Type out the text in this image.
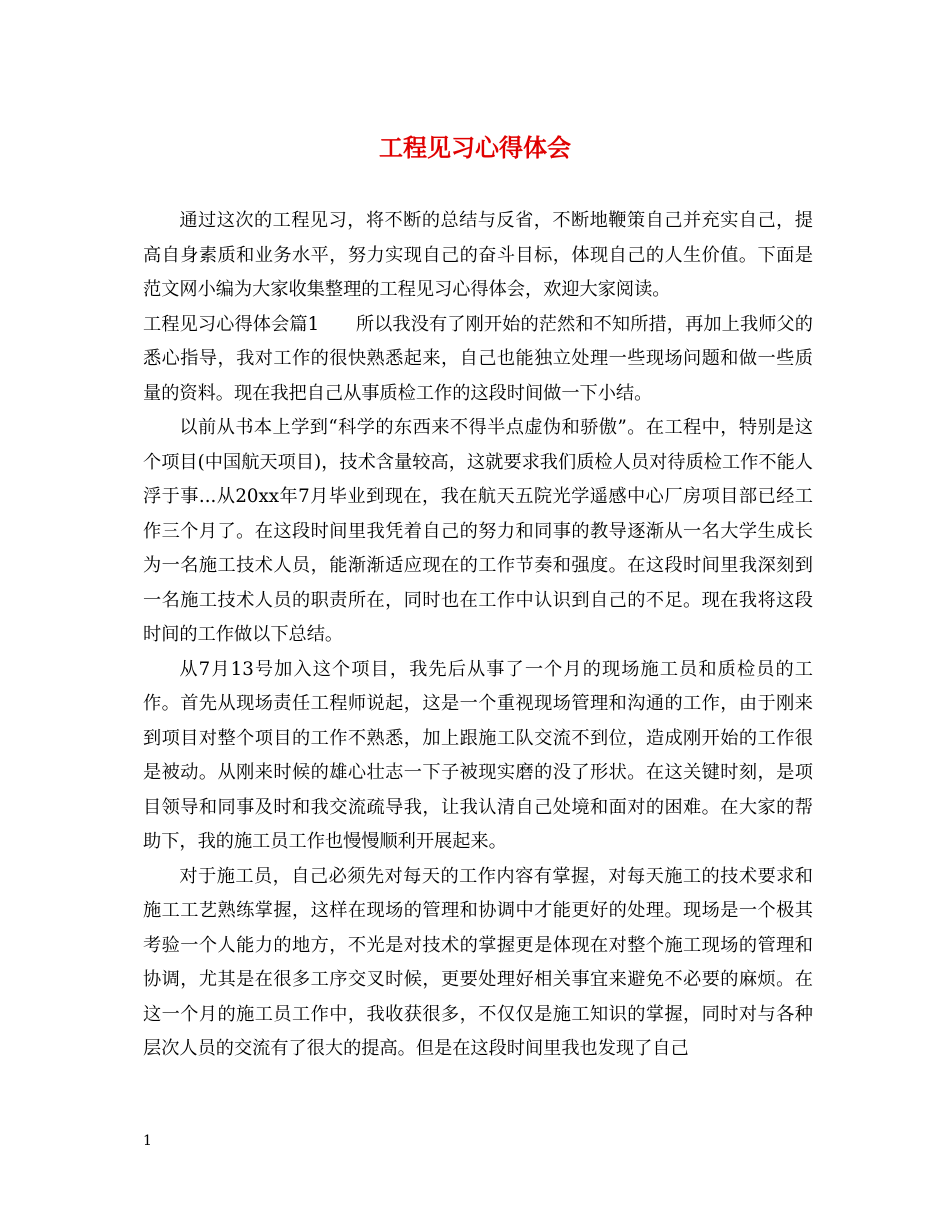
工程见习心得体会

通过这次的工程见习，将不断的总结与反省，不断地鞭策自己并充实自己，提高自身素质和业务水平，努力实现自己的奋斗目标，体现自己的人生价值。下面是范文网小编为大家收集整理的工程见习心得体会，欢迎大家阅读。

工程见习心得体会篇1　　所以我没有了刚开始的茫然和不知所措，再加上我师父的悉心指导，我对工作的很快熟悉起来，自己也能独立处理一些现场问题和做一些质量的资料。现在我把自己从事质检工作的这段时间做一下小结。

以前从书本上学到“科学的东西来不得半点虚伪和骄傲”。在工程中，特别是这个项目(中国航天项目)，技术含量较高，这就要求我们质检人员对待质检工作不能人浮于事...从20xx年7月毕业到现在，我在航天五院光学遥感中心厂房项目部已经工作三个月了。在这段时间里我凭着自己的努力和同事的教导逐渐从一名大学生成长为一名施工技术人员，能渐渐适应现在的工作节奏和强度。在这段时间里我深刻到一名施工技术人员的职责所在，同时也在工作中认识到自己的不足。现在我将这段时间的工作做以下总结。

从7月13号加入这个项目，我先后从事了一个月的现场施工员和质检员的工作。首先从现场责任工程师说起，这是一个重视现场管理和沟通的工作，由于刚来到项目对整个项目的工作不熟悉，加上跟施工队交流不到位，造成刚开始的工作很是被动。从刚来时候的雄心壮志一下子被现实磨的没了形状。在这关键时刻，是项目领导和同事及时和我交流疏导我，让我认清自己处境和面对的困难。在大家的帮助下，我的施工员工作也慢慢顺利开展起来。

对于施工员，自己必须先对每天的工作内容有掌握，对每天施工的技术要求和施工工艺熟练掌握，这样在现场的管理和协调中才能更好的处理。现场是一个极其考验一个人能力的地方，不光是对技术的掌握更是体现在对整个施工现场的管理和协调，尤其是在很多工序交叉时候，更要处理好相关事宜来避免不必要的麻烦。在这一个月的施工员工作中，我收获很多，不仅仅是施工知识的掌握，同时对与各种层次人员的交流有了很大的提高。但是在这段时间里我也发现了自己

1
